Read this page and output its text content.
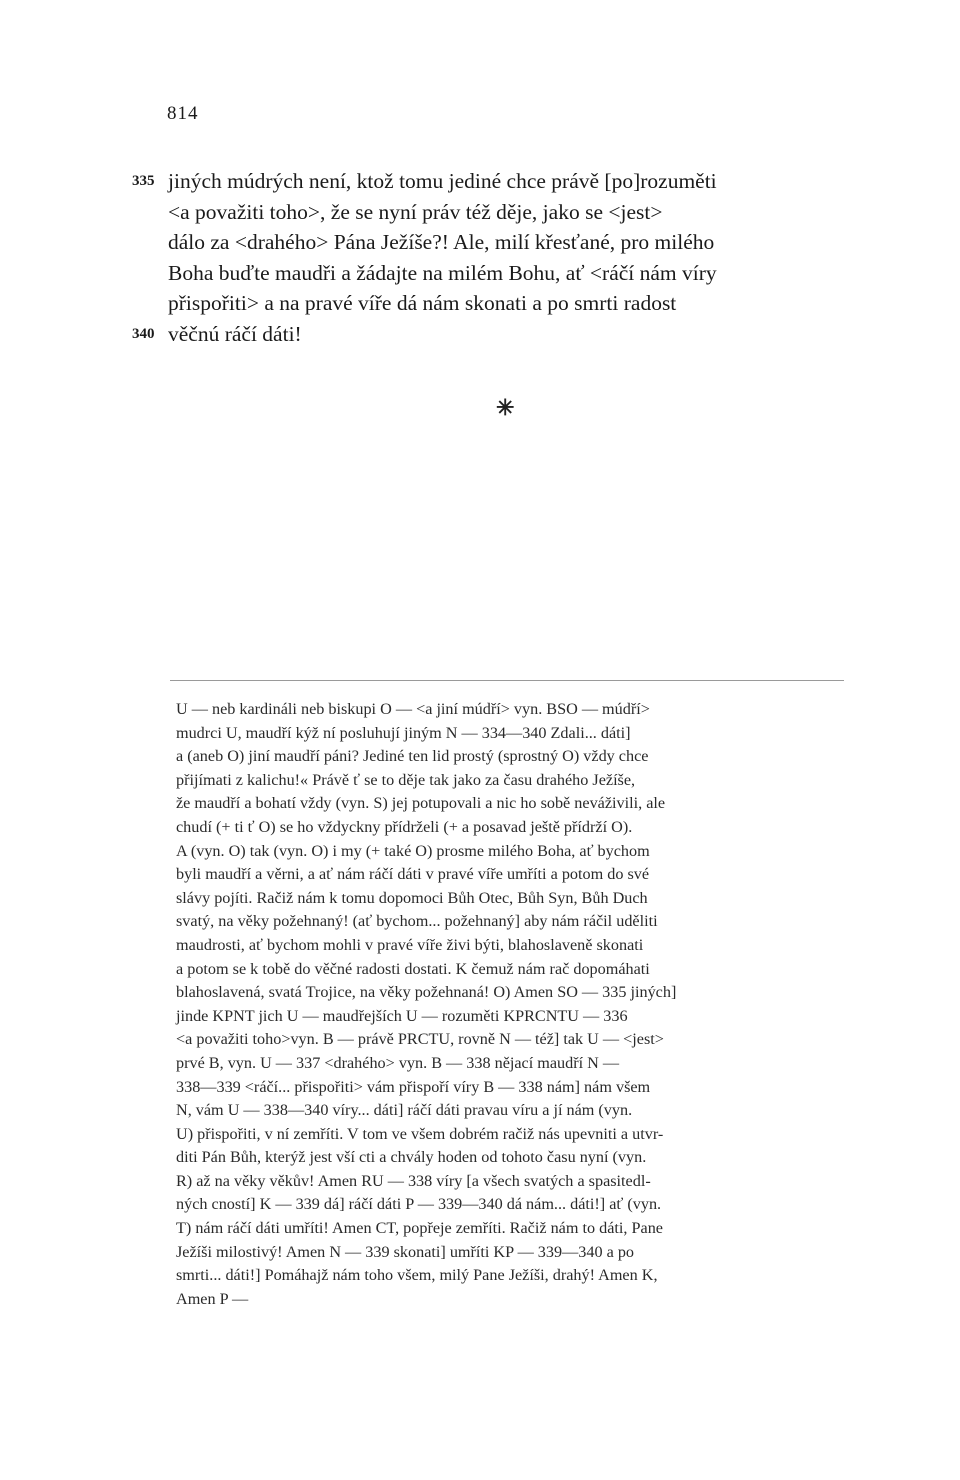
814
335 jiných múdrých není, ktož tomu jediné chce právě [po]rozuměti
<a považiti toho>, že se nyní práv též děje, jako se <jest>
dálo za <drahého> Pána Ježíše?! Ale, milí křesťané, pro milého
Boha buďte maudři a žádajte na milém Bohu, ať <ráčí nám víry
přispořiti> a na pravé víře dá nám skonati a po smrti radost
340 věčnú ráčí dáti!
✳
U — neb kardináli neb biskupi O — <a jiní múdří> vyn. BSO — múdří>
mudrci U, maudří kýž ní posluhují jiným N — 334—340 Zdali... dáti]
a (aneb O) jiní maudří páni? Jediné ten lid prostý (sprostný O) vždy chce
přijímati z kalichu!« Právě ť se to děje tak jako za času drahého Ježíše,
že maudří a bohatí vždy (vyn. S) jej potupovali a nic ho sobě neváživili, ale
chudí (+ ti ť O) se ho vždyckny přídrželi (+ a posavad ještě přídrží O).
A (vyn. O) tak (vyn. O) i my (+ také O) prosme milého Boha, ať bychom
byli maudří a věrni, a ať nám ráčí dáti v pravé víře umříti a potom do své
slávy pojíti. Račiž nám k tomu dopomoci Bůh Otec, Bůh Syn, Bůh Duch
svatý, na věky požehnaný! (ať bychom... požehnaný] aby nám ráčil uděliti
maudrosti, ať bychom mohli v pravé víře živi býti, blahoslaveně skonati
a potom se k tobě do věčné radosti dostati. K čemuž nám rač dopomáhati
blahoslavená, svatá Trojice, na věky požehnaná! O) Amen SO — 335 jiných]
jinde KPNT jich U — maudřejších U — rozuměti KPRCNTU — 336
<a považiti toho>vyn. B — právě PRCTU, rovně N — též] tak U — <jest>
prvé B, vyn. U — 337 <drahého> vyn. B — 338 nějací maudří N —
338—339 <ráčí... přispořiti> vám přispoří víry B — 338 nám] nám všem
N, vám U — 338—340 víry... dáti] ráčí dáti pravau víru a jí nám (vyn.
U) přispořiti, v ní zemříti. V tom ve všem dobrém račiž nás upevniti a utvr-
diti Pán Bůh, kterýž jest vší cti a chvály hoden od tohoto času nyní (vyn.
R) až na věky věkův! Amen RU — 338 víry [a všech svatých a spasitedl-
ných cností] K — 339 dá] ráčí dáti P — 339—340 dá nám... dáti!] ať (vyn.
T) nám ráčí dáti umříti! Amen CT, popřeje zemříti. Račiž nám to dáti, Pane
Ježíši milostivý! Amen N — 339 skonati] umříti KP — 339—340 a po
smrti... dáti!] Pomáhajž nám toho všem, milý Pane Ježíši, drahý! Amen K,
Amen P —
